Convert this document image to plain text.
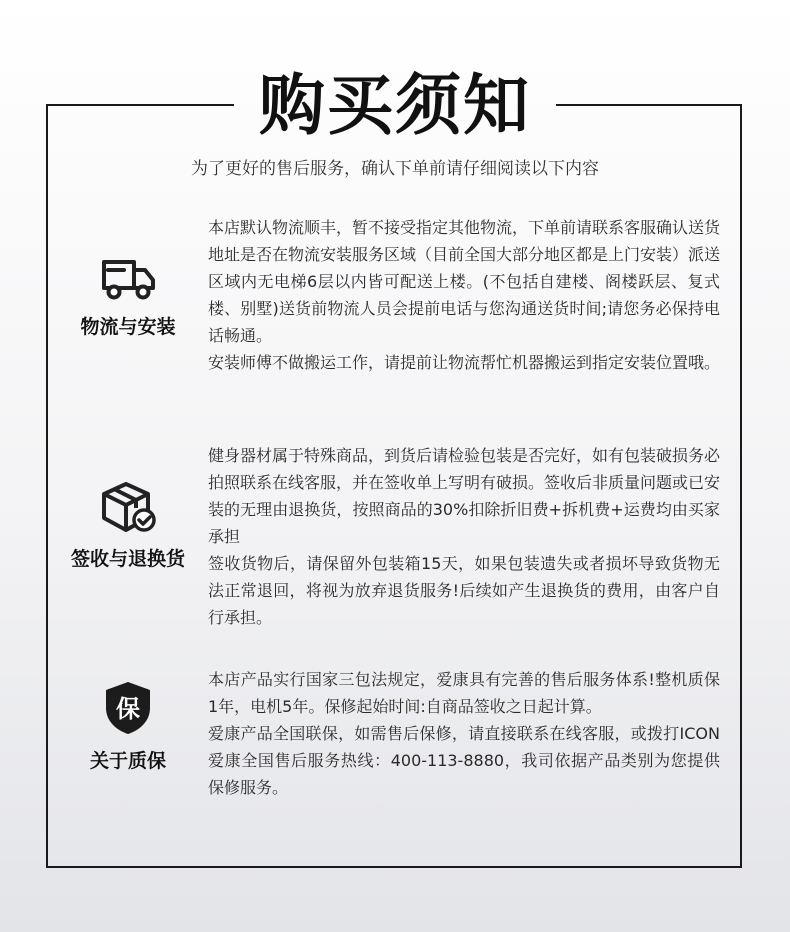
购买须知
为了更好的售后服务，确认下单前请仔细阅读以下内容
物流与安装

本店默认物流顺丰，暂不接受指定其他物流，下单前请联系客服确认送货地址是否在物流安装服务区域（目前全国大部分地区都是上门安装）派送区域内无电梯6层以内皆可配送上楼。(不包括自建楼、阁楼跃层、复式楼、别墅)送货前物流人员会提前电话与您沟通送货时间;请您务必保持电话畅通。

安装师傅不做搬运工作，请提前让物流帮忙机器搬运到指定安装位置哦。

签收与退换货

健身器材属于特殊商品，到货后请检验包装是否完好，如有包装破损务必拍照联系在线客服，并在签收单上写明有破损。签收后非质量问题或已安装的无理由退换货，按照商品的30%扣除折旧费+拆机费+运费均由买家承担

签收货物后，请保留外包装箱15天，如果包装遗失或者损坏导致货物无法正常退回，将视为放弃退货服务!后续如产生退换货的费用，由客户自行承担。

保
关于质保

本店产品实行国家三包法规定，爱康具有完善的售后服务体系!整机质保1年，电机5年。保修起始时间:自商品签收之日起计算。

爱康产品全国联保，如需售后保修，请直接联系在线客服，或拨打ICON爱康全国售后服务热线：400-113-8880，我司依据产品类别为您提供保修服务。
